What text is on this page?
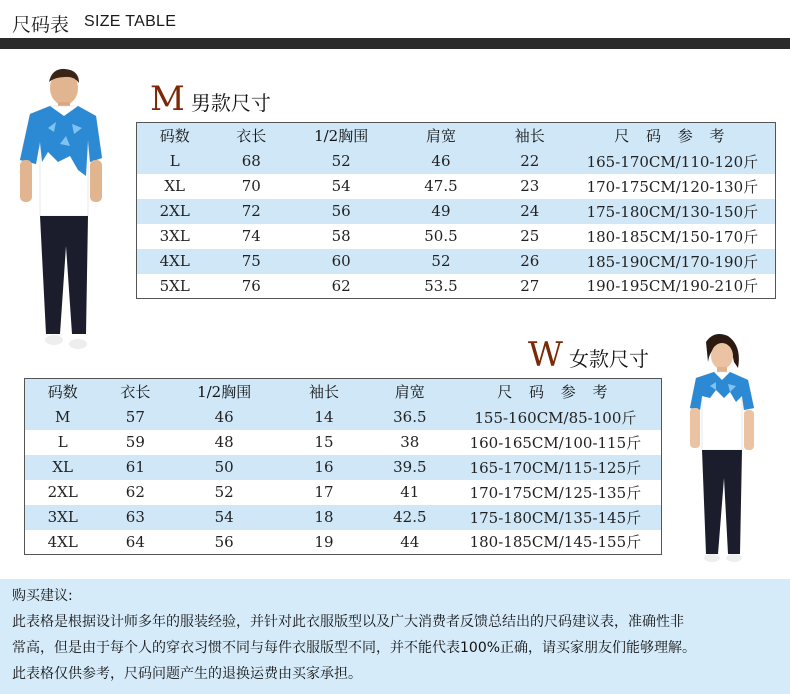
尺码表 SIZE TABLE
M 男款尺寸
码数	衣长	1/2胸围	肩宽	袖长	尺 码 参 考
L	68	52	46	22	165-170CM/110-120斤
XL	70	54	47.5	23	170-175CM/120-130斤
2XL	72	56	49	24	175-180CM/130-150斤
3XL	74	58	50.5	25	180-185CM/150-170斤
4XL	75	60	52	26	185-190CM/170-190斤
5XL	76	62	53.5	27	190-195CM/190-210斤
W 女款尺寸
码数	衣长	1/2胸围	袖长	肩宽	尺 码 参 考
M	57	46	14	36.5	155-160CM/85-100斤
L	59	48	15	38	160-165CM/100-115斤
XL	61	50	16	39.5	165-170CM/115-125斤
2XL	62	52	17	41	170-175CM/125-135斤
3XL	63	54	18	42.5	175-180CM/135-145斤
4XL	64	56	19	44	180-185CM/145-155斤
购买建议:
此表格是根据设计师多年的服装经验，并针对此衣服版型以及广大消费者反馈总结出的尺码建议表，准确性非
常高，但是由于每个人的穿衣习惯不同与每件衣服版型不同，并不能代表100%正确，请买家朋友们能够理解。
此表格仅供参考，尺码问题产生的退换运费由买家承担。
